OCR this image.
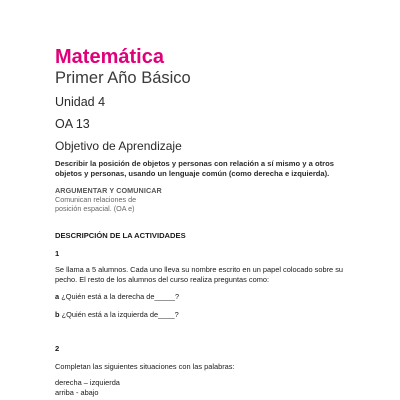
Matemática
Primer Año Básico
Unidad 4
OA 13
Objetivo de Aprendizaje
Describir la posición de objetos y personas con relación a sí mismo y a otros objetos y personas, usando un lenguaje común (como derecha e izquierda).
ARGUMENTAR Y COMUNICAR
Comunican relaciones de
posición espacial. (OA e)
DESCRIPCIÓN DE LA ACTIVIDADES
1
Se llama a 5 alumnos. Cada uno lleva su nombre escrito en un papel colocado sobre su pecho. El resto de los alumnos del curso realiza preguntas como:
a ¿Quién está a la derecha de_____?
b ¿Quién está a la izquierda de____?
2
Completan las siguientes situaciones con las palabras:
derecha – izquierda
arriba - abajo
